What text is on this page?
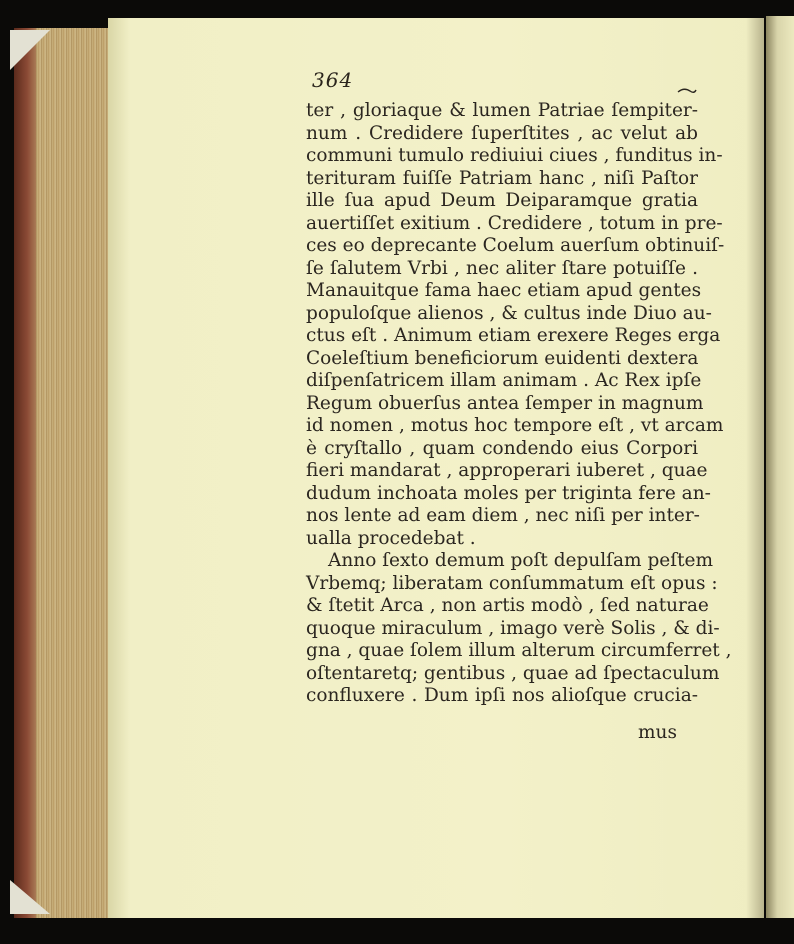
364
ter , gloriaque & lumen Patriae ſempiter-
num . Credidere ſuperſtites , ac velut ab
communi tumulo rediuiui ciues , funditus in-
terituram fuiſſe Patriam hanc , niſi Paſtor
ille ſua apud Deum Deiparamque gratia
auertiſſet exitium . Credidere , totum in pre-
ces eo deprecante Coelum auerſum obtinuiſ-
ſe ſalutem Vrbi , nec aliter ſtare potuiſſe .
Manauitque fama haec etiam apud gentes
populoſque alienos , & cultus inde Diuo au-
ctus eſt . Animum etiam erexere Reges erga
Coeleſtium beneficiorum euidenti dextera
diſpenſatricem illam animam . Ac Rex ipſe
Regum obuerſus antea ſemper in magnum
id nomen , motus hoc tempore eſt , vt arcam
è cryſtallo , quam condendo eius Corpori
fieri mandarat , approperari iuberet , quae
dudum inchoata moles per triginta fere an-
nos lente ad eam diem , nec niſi per inter-
ualla procedebat .
Anno ſexto demum poſt depulſam peſtem
Vrbemq; liberatam conſummatum eſt opus :
& ſtetit Arca , non artis modò , ſed naturae
quoque miraculum , imago verè Solis , & di-
gna , quae ſolem illum alterum circumferret ,
oſtentaretq; gentibus , quae ad ſpectaculum
confluxere . Dum ipſi nos alioſque crucia-
mus
